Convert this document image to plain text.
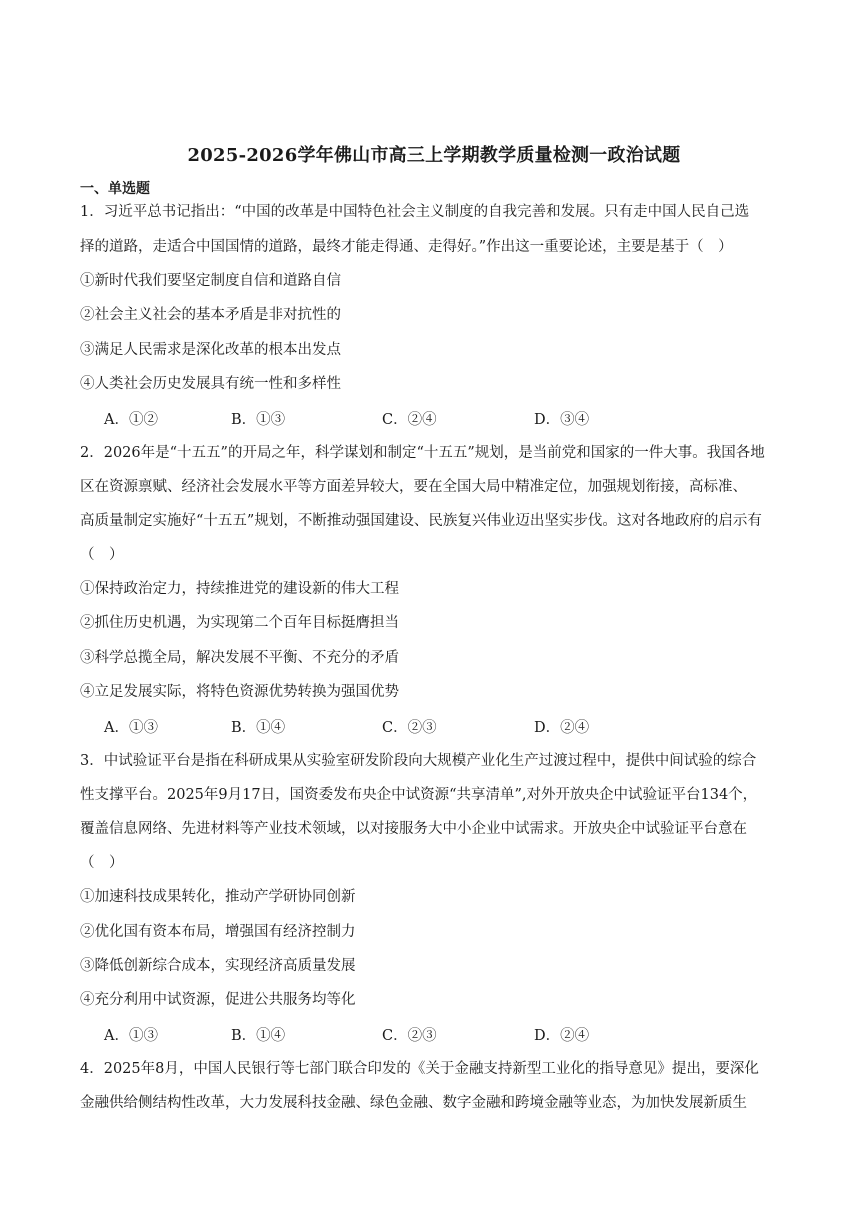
2025-2026学年佛山市高三上学期教学质量检测一政治试题
一、单选题
1．习近平总书记指出：“中国的改革是中国特色社会主义制度的自我完善和发展。只有走中国人民自己选
择的道路，走适合中国国情的道路，最终才能走得通、走得好。”作出这一重要论述，主要是基于（　）
①新时代我们要坚定制度自信和道路自信
②社会主义社会的基本矛盾是非对抗性的
③满足人民需求是深化改革的根本出发点
④人类社会历史发展具有统一性和多样性
A．①②	B．①③	C．②④	D．③④
2．2026年是“十五五”的开局之年，科学谋划和制定“十五五”规划，是当前党和国家的一件大事。我国各地
区在资源禀赋、经济社会发展水平等方面差异较大，要在全国大局中精准定位，加强规划衔接，高标准、
高质量制定实施好“十五五”规划，不断推动强国建设、民族复兴伟业迈出坚实步伐。这对各地政府的启示有
（　）
①保持政治定力，持续推进党的建设新的伟大工程
②抓住历史机遇，为实现第二个百年目标挺膺担当
③科学总揽全局，解决发展不平衡、不充分的矛盾
④立足发展实际，将特色资源优势转换为强国优势
A．①③	B．①④	C．②③	D．②④
3．中试验证平台是指在科研成果从实验室研发阶段向大规模产业化生产过渡过程中，提供中间试验的综合
性支撑平台。2025年9月17日，国资委发布央企中试资源“共享清单”,对外开放央企中试验证平台134个，
覆盖信息网络、先进材料等产业技术领域，以对接服务大中小企业中试需求。开放央企中试验证平台意在
（　）
①加速科技成果转化，推动产学研协同创新
②优化国有资本布局，增强国有经济控制力
③降低创新综合成本，实现经济高质量发展
④充分利用中试资源，促进公共服务均等化
A．①③	B．①④	C．②③	D．②④
4．2025年8月，中国人民银行等七部门联合印发的《关于金融支持新型工业化的指导意见》提出，要深化
金融供给侧结构性改革，大力发展科技金融、绿色金融、数字金融和跨境金融等业态，为加快发展新质生
